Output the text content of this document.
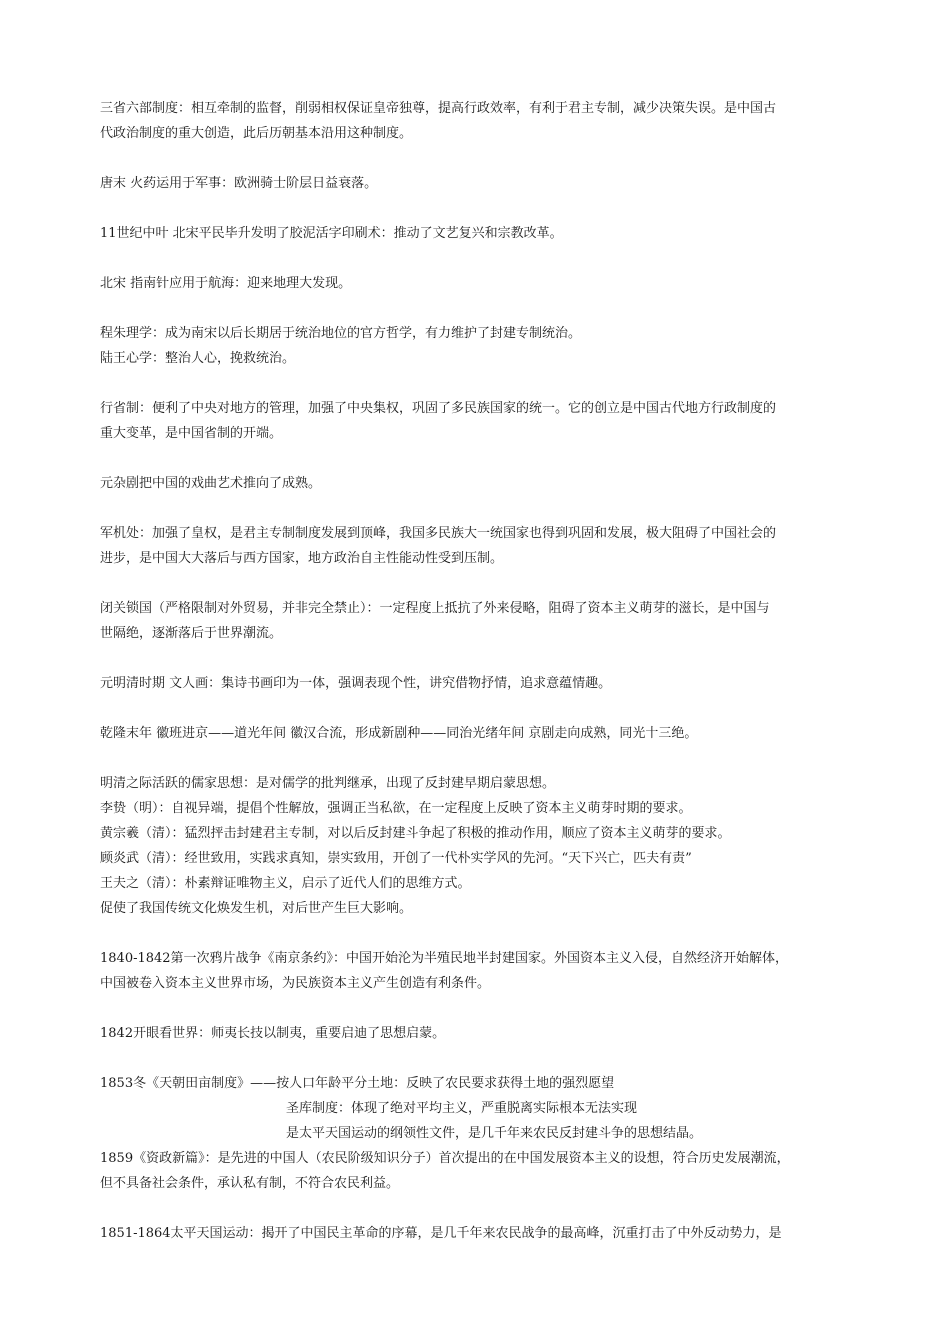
三省六部制度：相互牵制的监督，削弱相权保证皇帝独尊，提高行政效率，有利于君主专制，减少决策失误。是中国古
代政治制度的重大创造，此后历朝基本沿用这种制度。
唐末 火药运用于军事：欧洲骑士阶层日益衰落。
11世纪中叶 北宋平民毕升发明了胶泥活字印刷术：推动了文艺复兴和宗教改革。
北宋 指南针应用于航海：迎来地理大发现。
程朱理学：成为南宋以后长期居于统治地位的官方哲学，有力维护了封建专制统治。
陆王心学：整治人心，挽救统治。
行省制：便利了中央对地方的管理，加强了中央集权，巩固了多民族国家的统一。它的创立是中国古代地方行政制度的
重大变革，是中国省制的开端。
元杂剧把中国的戏曲艺术推向了成熟。
军机处：加强了皇权，是君主专制制度发展到顶峰，我国多民族大一统国家也得到巩固和发展，极大阻碍了中国社会的
进步，是中国大大落后与西方国家，地方政治自主性能动性受到压制。
闭关锁国（严格限制对外贸易，并非完全禁止）：一定程度上抵抗了外来侵略，阻碍了资本主义萌芽的滋长，是中国与
世隔绝，逐渐落后于世界潮流。
元明清时期 文人画：集诗书画印为一体，强调表现个性，讲究借物抒情，追求意蕴情趣。
乾隆末年 徽班进京——道光年间 徽汉合流，形成新剧种——同治光绪年间 京剧走向成熟，同光十三绝。
明清之际活跃的儒家思想：是对儒学的批判继承，出现了反封建早期启蒙思想。
李贽（明）：自视异端，提倡个性解放，强调正当私欲，在一定程度上反映了资本主义萌芽时期的要求。
黄宗羲（清）：猛烈抨击封建君主专制，对以后反封建斗争起了积极的推动作用，顺应了资本主义萌芽的要求。
顾炎武（清）：经世致用，实践求真知，崇实致用，开创了一代朴实学风的先河。“天下兴亡，匹夫有责”
王夫之（清）：朴素辩证唯物主义，启示了近代人们的思维方式。
促使了我国传统文化焕发生机，对后世产生巨大影响。
1840-1842第一次鸦片战争《南京条约》：中国开始沦为半殖民地半封建国家。外国资本主义入侵，自然经济开始解体，
中国被卷入资本主义世界市场，为民族资本主义产生创造有利条件。
1842开眼看世界：师夷长技以制夷，重要启迪了思想启蒙。
1853冬《天朝田亩制度》——按人口年龄平分土地：反映了农民要求获得土地的强烈愿望
圣库制度：体现了绝对平均主义，严重脱离实际根本无法实现
是太平天国运动的纲领性文件，是几千年来农民反封建斗争的思想结晶。
1859《资政新篇》：是先进的中国人（农民阶级知识分子）首次提出的在中国发展资本主义的设想，符合历史发展潮流，
但不具备社会条件，承认私有制，不符合农民利益。
1851-1864太平天国运动：揭开了中国民主革命的序幕，是几千年来农民战争的最高峰，沉重打击了中外反动势力，是
